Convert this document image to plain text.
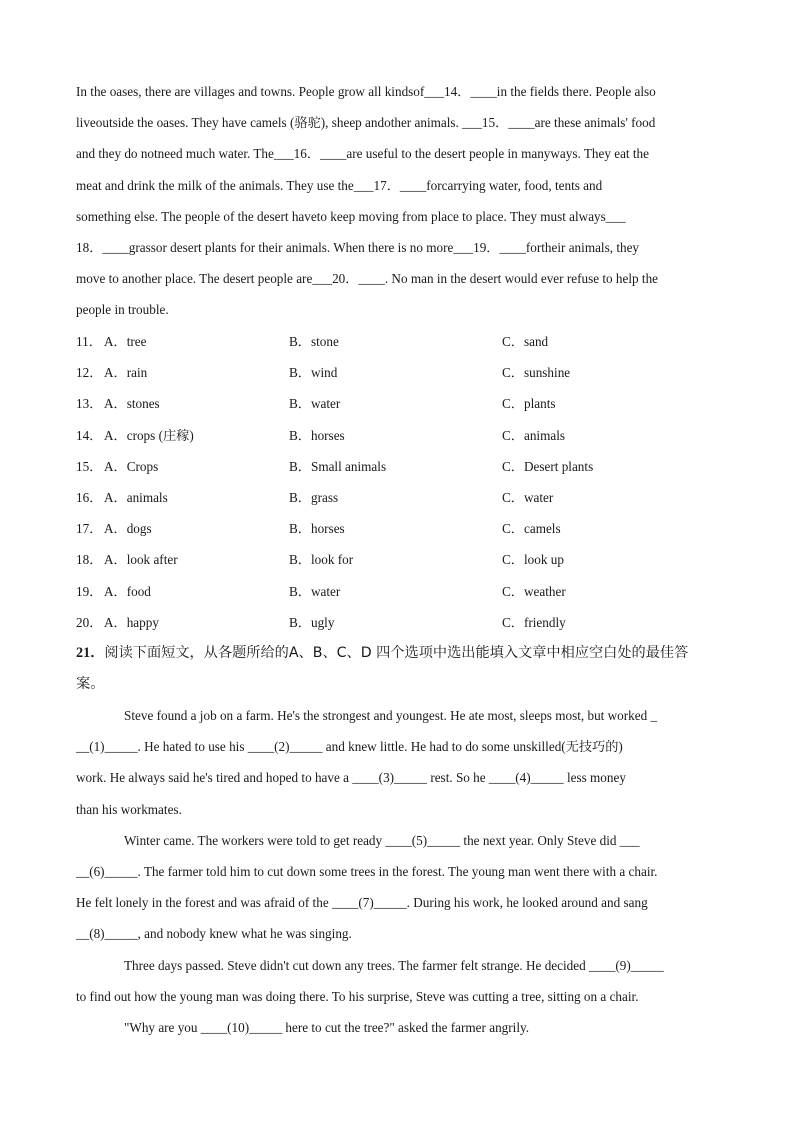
In the oases, there are villages and towns. People grow all kindsof___14．____in the fields there. People also

liveoutside the oases. They have camels (骆驼), sheep andother animals. ___15．____are these animals' food

and they do notneed much water. The___16．____are useful to the desert people in manyways. They eat the

meat and drink the milk of the animals. They use the___17．____forcarrying water, food, tents and

something else. The people of the desert haveto keep moving from place to place. They must always___

18．____grassor desert plants for their animals. When there is no more___19．____fortheir animals, they

move to another place. The desert people are___20．____. No man in the desert would ever refuse to help the

people in trouble.

11． A．tree	B．stone	C．sand
12． A．rain	B．wind	C．sunshine
13． A．stones	B．water	C．plants
14． A．crops (庄稼)	B．horses	C．animals
15． A．Crops	B．Small animals	C．Desert plants
16． A．animals	B．grass	C．water
17． A．dogs	B．horses	C．camels
18． A．look after	B．look for	C．look up
19． A．food	B．water	C．weather
20． A．happy	B．ugly	C．friendly

21．阅读下面短文，从各题所给的A、B、C、D 四个选项中选出能填入文章中相应空白处的最佳答

案。

Steve found a job on a farm. He's the strongest and youngest. He ate most, sleeps most, but worked _

__(1)_____. He hated to use his ____(2)_____ and knew little. He had to do some unskilled(无技巧的)

work. He always said he's tired and hoped to have a ____(3)_____ rest. So he ____(4)_____ less money

than his workmates.

Winter came. The workers were told to get ready ____(5)_____ the next year. Only Steve did ___

__(6)_____. The farmer told him to cut down some trees in the forest. The young man went there with a chair.

He felt lonely in the forest and was afraid of the ____(7)_____. During his work, he looked around and sang

__(8)_____, and nobody knew what he was singing.

Three days passed. Steve didn't cut down any trees. The farmer felt strange. He decided ____(9)_____

to find out how the young man was doing there. To his surprise, Steve was cutting a tree, sitting on a chair.

"Why are you ____(10)_____ here to cut the tree?" asked the farmer angrily.
